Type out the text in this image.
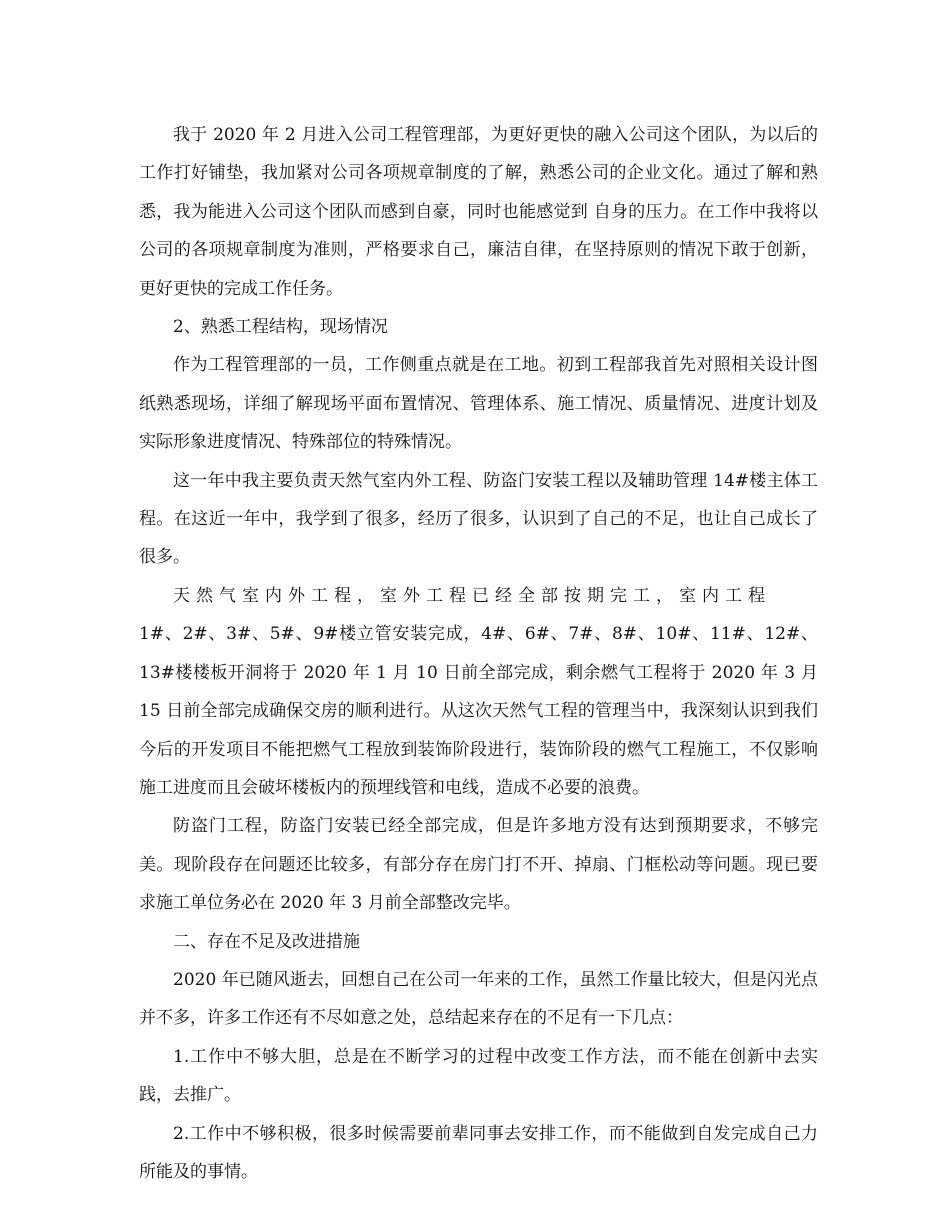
我于 2020 年 2 月进入公司工程管理部，为更好更快的融入公司这个团队，为以后的工作打好铺垫，我加紧对公司各项规章制度的了解，熟悉公司的企业文化。通过了解和熟悉，我为能进入公司这个团队而感到自豪，同时也能感觉到 自身的压力。在工作中我将以公司的各项规章制度为准则，严格要求自己，廉洁自律，在坚持原则的情况下敢于创新，更好更快的完成工作任务。

2、熟悉工程结构，现场情况

作为工程管理部的一员，工作侧重点就是在工地。初到工程部我首先对照相关设计图纸熟悉现场，详细了解现场平面布置情况、管理体系、施工情况、质量情况、进度计划及实际形象进度情况、特殊部位的特殊情况。

这一年中我主要负责天然气室内外工程、防盗门安装工程以及辅助管理 14#楼主体工程。在这近一年中，我学到了很多，经历了很多，认识到了自己的不足，也让自己成长了很多。

天然气室内外工程，室外工程已经全部按期完工，室内工程

1#、2#、3#、5#、9#楼立管安装完成，4#、6#、7#、8#、10#、11#、12#、13#楼楼板开洞将于 2020 年 1 月 10 日前全部完成，剩余燃气工程将于 2020 年 3 月 15 日前全部完成确保交房的顺利进行。从这次天然气工程的管理当中，我深刻认识到我们今后的开发项目不能把燃气工程放到装饰阶段进行，装饰阶段的燃气工程施工，不仅影响施工进度而且会破坏楼板内的预埋线管和电线，造成不必要的浪费。

防盗门工程，防盗门安装已经全部完成，但是许多地方没有达到预期要求，不够完美。现阶段存在问题还比较多，有部分存在房门打不开、掉扇、门框松动等问题。现已要求施工单位务必在 2020 年 3 月前全部整改完毕。

二、存在不足及改进措施

2020 年已随风逝去，回想自己在公司一年来的工作，虽然工作量比较大，但是闪光点并不多，许多工作还有不尽如意之处，总结起来存在的不足有一下几点：

1.工作中不够大胆，总是在不断学习的过程中改变工作方法，而不能在创新中去实践，去推广。

2.工作中不够积极，很多时候需要前辈同事去安排工作，而不能做到自发完成自己力所能及的事情。
